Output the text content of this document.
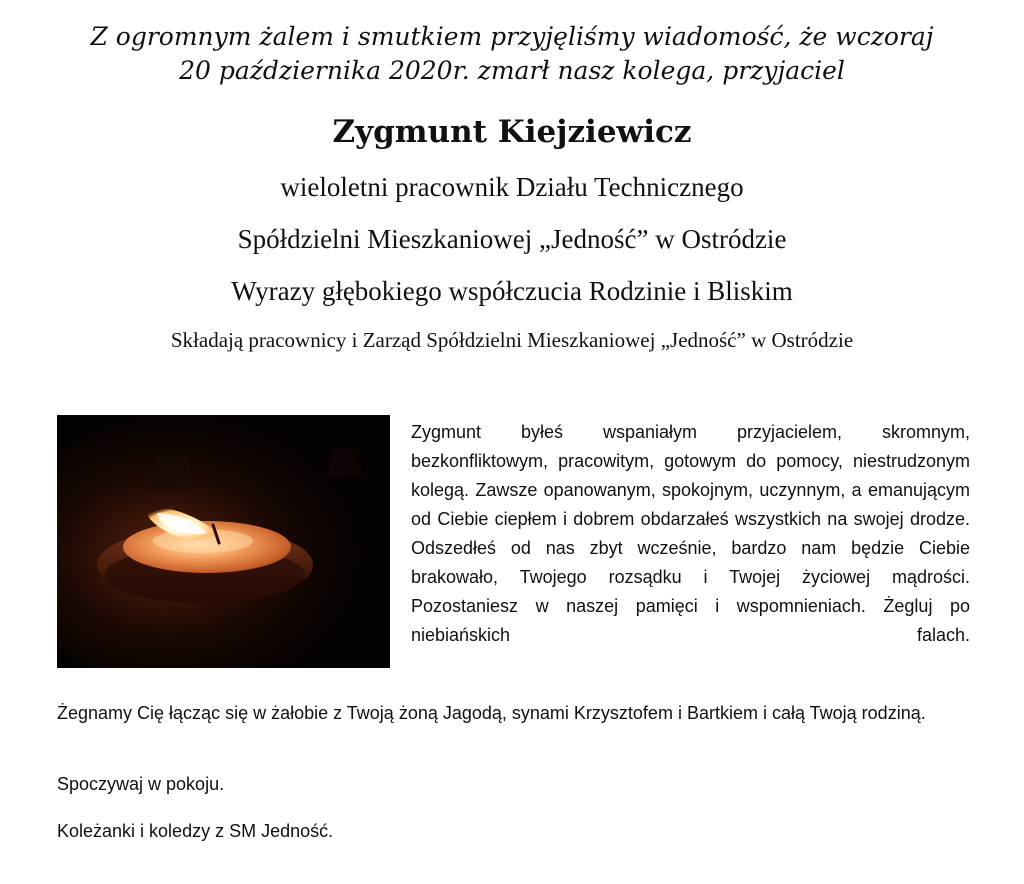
Z ogromnym żalem i smutkiem przyjęliśmy wiadomość, że wczoraj
20 października 2020r. zmarł nasz kolega, przyjaciel
Zygmunt Kiejziewicz
wieloletni pracownik Działu Technicznego
Spółdzielni Mieszkaniowej „Jedność” w Ostródzie
Wyrazy głębokiego współczucia Rodzinie i Bliskim
Składają pracownicy i Zarząd Spółdzielni Mieszkaniowej „Jedność” w Ostródzie
Zygmunt byłeś wspaniałym przyjacielem, skromnym, bezkonfliktowym, pracowitym, gotowym do pomocy, niestrudzonym kolegą. Zawsze opanowanym, spokojnym, uczynnym, a emanującym od Ciebie ciepłem i dobrem obdarzałeś wszystkich na swojej drodze. Odszedłeś od nas zbyt wcześnie, bardzo nam będzie Ciebie brakowało, Twojego rozsądku i Twojej życiowej mądrości. Pozostaniesz w naszej pamięci i wspomnieniach. Żegluj po niebiańskich falach.
Żegnamy Cię łącząc się w żałobie z Twoją żoną Jagodą, synami Krzysztofem i Bartkiem i całą Twoją rodziną.
Spoczywaj w pokoju.
Koleżanki i koledzy z SM Jedność.
